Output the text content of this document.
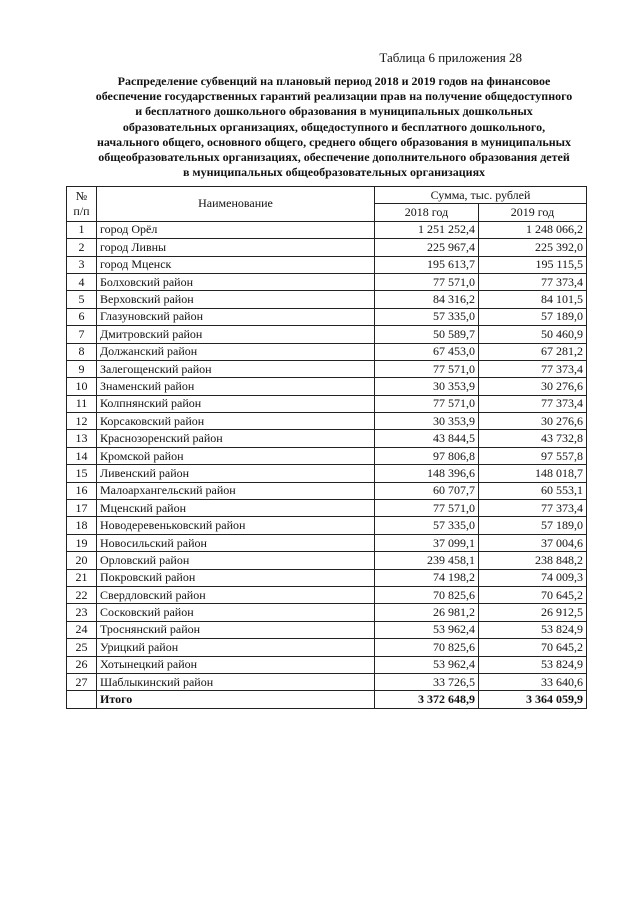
Таблица 6 приложения 28
Распределение субвенций на плановый период 2018 и 2019 годов на финансовое
обеспечение государственных гарантий реализации прав на получение общедоступного
и бесплатного дошкольного образования в муниципальных дошкольных
образовательных организациях, общедоступного и бесплатного дошкольного,
начального общего, основного общего, среднего общего образования в муниципальных
общеобразовательных организациях, обеспечение дополнительного образования детей
в муниципальных общеобразовательных организациях
№ п/п	Наименование	Сумма, тыс. рублей	
		2018 год	2019 год
1	город Орёл	1 251 252,4	1 248 066,2
2	город Ливны	225 967,4	225 392,0
3	город Мценск	195 613,7	195 115,5
4	Болховский район	77 571,0	77 373,4
5	Верховский район	84 316,2	84 101,5
6	Глазуновский район	57 335,0	57 189,0
7	Дмитровский район	50 589,7	50 460,9
8	Должанский район	67 453,0	67 281,2
9	Залегощенский район	77 571,0	77 373,4
10	Знаменский район	30 353,9	30 276,6
11	Колпнянский район	77 571,0	77 373,4
12	Корсаковский район	30 353,9	30 276,6
13	Краснозоренский район	43 844,5	43 732,8
14	Кромской район	97 806,8	97 557,8
15	Ливенский район	148 396,6	148 018,7
16	Малоархангельский район	60 707,7	60 553,1
17	Мценский район	77 571,0	77 373,4
18	Новодеревеньковский район	57 335,0	57 189,0
19	Новосильский район	37 099,1	37 004,6
20	Орловский район	239 458,1	238 848,2
21	Покровский район	74 198,2	74 009,3
22	Свердловский район	70 825,6	70 645,2
23	Сосковский район	26 981,2	26 912,5
24	Троснянский район	53 962,4	53 824,9
25	Урицкий район	70 825,6	70 645,2
26	Хотынецкий район	53 962,4	53 824,9
27	Шаблыкинский район	33 726,5	33 640,6
	Итого	3 372 648,9	3 364 059,9
